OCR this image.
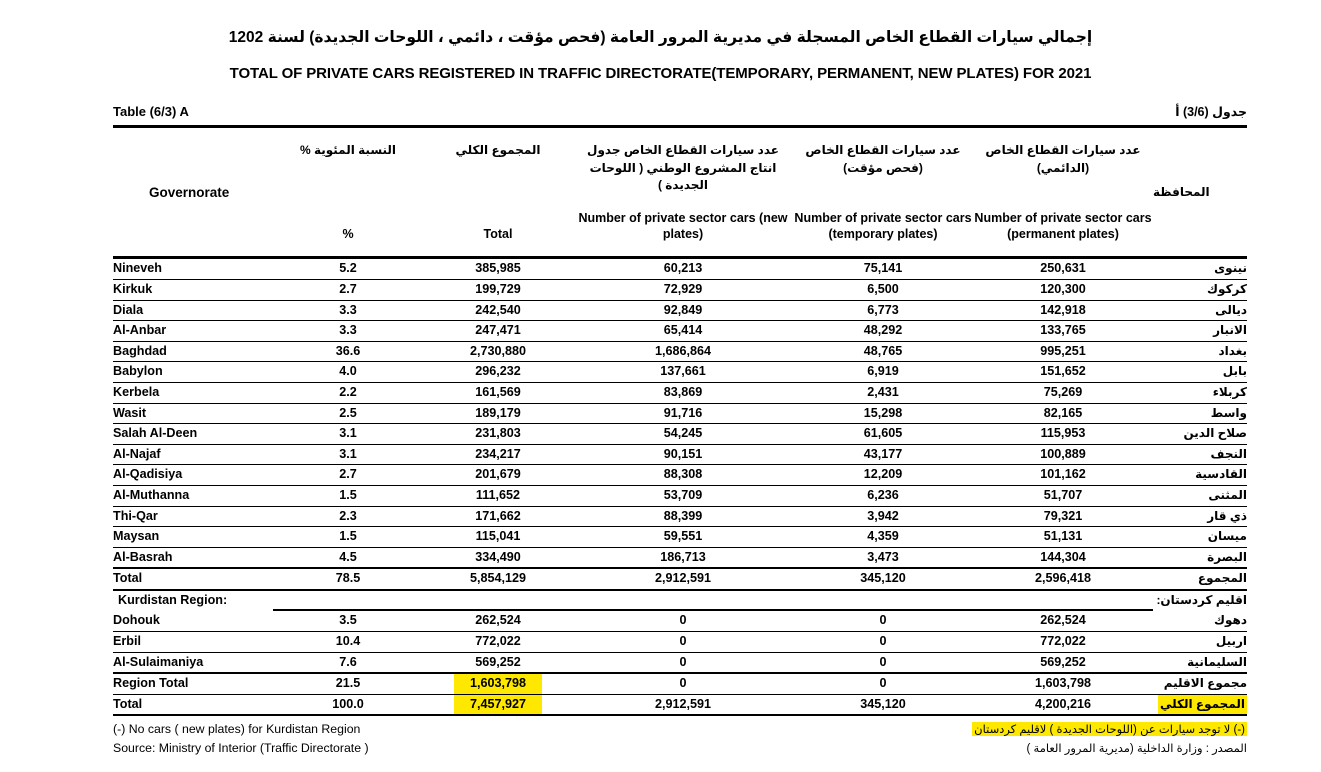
إجمالي سيارات القطاع الخاص المسجلة في مديرية المرور العامة (فحص مؤقت ، دائمي ، اللوحات الجديدة) لسنة 2021
TOTAL OF PRIVATE CARS REGISTERED IN TRAFFIC DIRECTORATE(TEMPORARY, PERMANENT, NEW PLATES) FOR 2021
Table (6/3) A	جدول (3/6) أ
Governorate

النسبة المئوية %
%

المجموع الكلي
Total

عدد سيارات القطاع الخاص جدول انتاج المشروع الوطني ( اللوحات الجديدة )
Number of private sector cars (new plates)

عدد سيارات القطاع الخاص (فحص مؤقت)
Number of private sector cars (temporary plates)

عدد سيارات القطاع الخاص (الدائمي)
Number of private sector cars (permanent plates)

المحافظة

Nineveh	5.2	385,985	60,213	75,141	250,631	نينوى
Kirkuk	2.7	199,729	72,929	6,500	120,300	كركوك
Diala	3.3	242,540	92,849	6,773	142,918	ديالى
Al-Anbar	3.3	247,471	65,414	48,292	133,765	الانبار
Baghdad	36.6	2,730,880	1,686,864	48,765	995,251	بغداد
Babylon	4.0	296,232	137,661	6,919	151,652	بابل
Kerbela	2.2	161,569	83,869	2,431	75,269	كربلاء
Wasit	2.5	189,179	91,716	15,298	82,165	واسط
Salah Al-Deen	3.1	231,803	54,245	61,605	115,953	صلاح الدين
Al-Najaf	3.1	234,217	90,151	43,177	100,889	النجف
Al-Qadisiya	2.7	201,679	88,308	12,209	101,162	القادسية
Al-Muthanna	1.5	111,652	53,709	6,236	51,707	المثنى
Thi-Qar	2.3	171,662	88,399	3,942	79,321	ذي قار
Maysan	1.5	115,041	59,551	4,359	51,131	ميسان
Al-Basrah	4.5	334,490	186,713	3,473	144,304	البصرة
Total	78.5	5,854,129	2,912,591	345,120	2,596,418	المجموع
Kurdistan Region:						اقليم كردستان:
Dohouk	3.5	262,524	0	0	262,524	دهوك
Erbil	10.4	772,022	0	0	772,022	اربيل
Al-Sulaimaniya	7.6	569,252	0	0	569,252	السليمانية
Region Total	21.5	1,603,798	0	0	1,603,798	مجموع الاقليم
Total	100.0	7,457,927	2,912,591	345,120	4,200,216	المجموع الكلي
(-) No cars ( new plates) for Kurdistan Region	(-) لا توجد سيارات عن (اللوحات الجديدة ) لاقليم كردستان
Source: Ministry of Interior (Traffic Directorate )	المصدر : وزارة الداخلية (مديرية المرور العامة )
